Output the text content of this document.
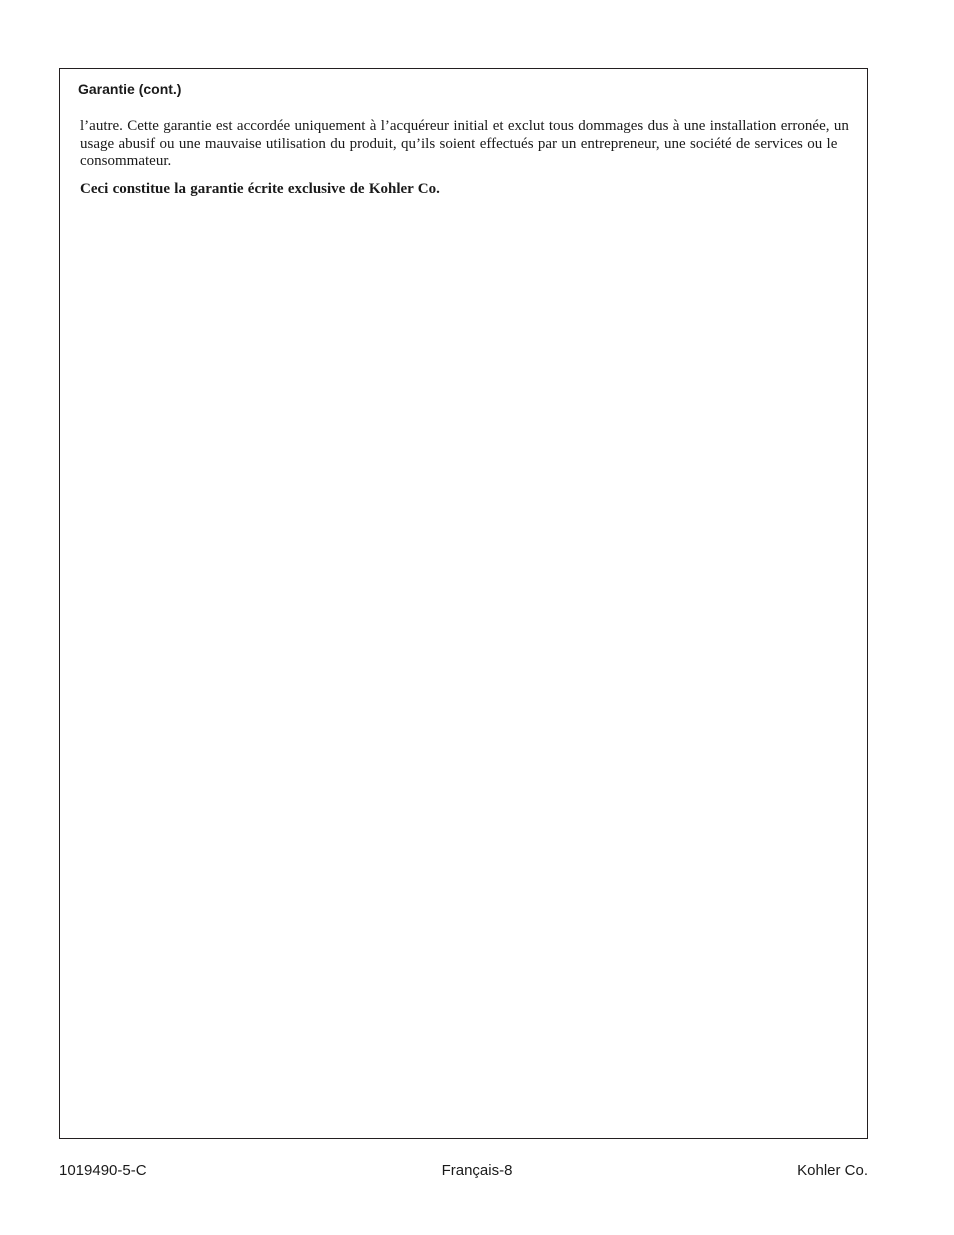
Garantie (cont.)

l’autre. Cette garantie est accordée uniquement à l’acquéreur initial et exclut tous dommages dus à une installation erronée, un usage abusif ou une mauvaise utilisation du produit, qu’ils soient effectués par un entrepreneur, une société de services ou le consommateur.

Ceci constitue la garantie écrite exclusive de Kohler Co.

1019490-5-C	Français-8	Kohler Co.
